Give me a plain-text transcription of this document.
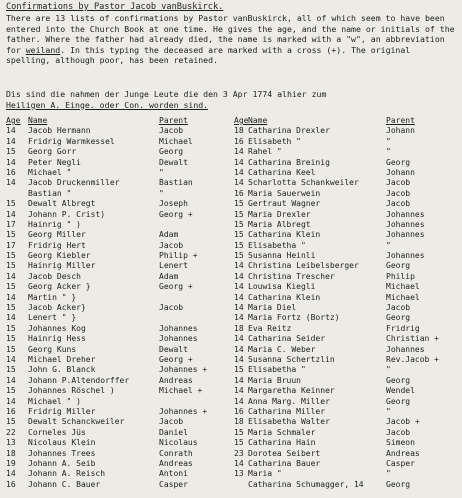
Confirmations by Pastor Jacob vanBuskirck.

There are 13 lists of confirmations by Pastor vanBuskirck, all of which seem to have been entered into the Church Book at one time. He gives the age, and the name or initials of the father. Where the father had already died, the name is marked with a "w", an abbreviation for weiland. In this typing the deceased are marked with a cross (+). The original spelling, although poor, has been retained.

Dis sind die nahmen der Junge Leute die den 3 Apr 1774 alhier zum
Heiligen A. Einge. oder Con. worden sind.
Age Name	Parent
14 Jacob Hermann	Jacob
14 Fridrig Warmkessel	Michael
15 Georg Gorr	Georg
14 Peter Negli	Dewalt
16 Michael "	"
14 Jacob Druckenmiller	Bastian
Bastian "	"
15 Dewalt Albregt	Joseph
14 Johann P. Crist)	Georg +
17 Hainrig " )
15 Georg Miller	Adam
17 Fridrig Hert	Jacob
15 Georg Kiebler	Philip +
15 Hainrig Miller	Lenert
14 Jacob Desch	Adam
15 Georg Acker }	Georg +
14 Martin " }
15 Jacob Acker}	Jacob
14 Lenert " }
15 Johannes Kog	Johannes
15 Hainrig Hess	Johannes
15 Georg Kuns	Dewalt
14 Michael Dreher	Georg +
15 John G. Blanck	Johannes +
14 Johann P.Altendorffer	Andreas
15 Johannes Röschel )	Michael +
14 Michael " )
16 Fridrig Miller	Johannes +
15 Dewalt Schanckweiler	Jacob
22 Corneles Jüs	Daniel
13 Nicolaus Klein	Nicolaus
18 Johannes Trees	Conrath
19 Johann A. Seib	Andreas
14 Johann A. Reisch	Antoni
16 Johann C. Bauer	Casper
Age Name	Parent
18 Catharina Drexler	Johann
16 Elisabeth "	"
14 Rahel "	"
14 Catharina Breinig	Georg
14 Catharina Keel	Johann
14 Scharlotta Schankweiler	Jacob
16 Maria Sauerwein	Jacob
15 Gertraut Wagner	Jacob
15 Maria Drexler	Johannes
15 Maria Albregt	Johannes
15 Catharina Klein	Johannes
15 Elisabetha "	"
15 Susanna Heinli	Johannes
14 Christina Leibelsberger	Georg
14 Christina Trescher	Philip
14 Louwisa Kiegli	Michael
14 Catharina Klein	Michael
14 Maria Diel	Jacob
14 Maria Fortz (Bortz)	Georg
18 Eva Reitz	Fridrig
14 Catharina Seider	Christian +
14 Maria C. Weber	Johannes
14 Susanna Schertzlin	Rev.Jacob +
15 Elisabetha "	"
14 Maria Bruun	Georg
14 Margaretha Keinner	Wendel
14 Anna Marg. Miller	Georg
16 Catharina Miller	"
18 Elisabetha Walter	Jacob +
15 Maria Schmaler	Jacob
15 Catharina Hain	Simeon
23 Dorotea Seibert	Andreas
14 Catharina Bauer	Casper
13 Maria "	"
Catharina Schumagger, 14	Georg
